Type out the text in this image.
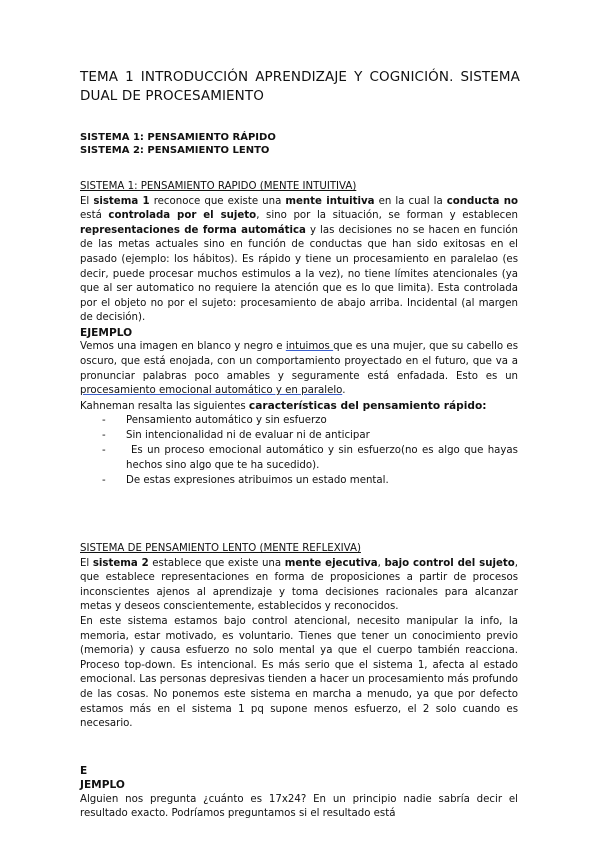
TEMA 1 INTRODUCCIÓN APRENDIZAJE Y COGNICIÓN. SISTEMA DUAL DE PROCESAMIENTO

SISTEMA 1: PENSAMIENTO RÁPIDO

SISTEMA 2: PENSAMIENTO LENTO

SISTEMA 1: PENSAMIENTO RAPIDO (MENTE INTUITIVA)

El sistema 1 reconoce que existe una mente intuitiva en la cual la conducta no está controlada por el sujeto, sino por la situación, se forman y establecen representaciones de forma automática y las decisiones no se hacen en función de las metas actuales sino en función de conductas que han sido exitosas en el pasado (ejemplo: los hábitos). Es rápido y tiene un procesamiento en paralelao (es decir, puede procesar muchos estimulos a la vez), no tiene límites atencionales (ya que al ser automatico no requiere la atención que es lo que limita). Esta controlada por el objeto no por el sujeto: procesamiento de abajo arriba. Incidental (al margen de decisión).

EJEMPLO

Vemos una imagen en blanco y negro e intuimos que es una mujer, que su cabello es oscuro, que está enojada, con un comportamiento proyectado en el futuro, que va a pronunciar palabras poco amables y seguramente está enfadada. Esto es un procesamiento emocional automático y en paralelo.

Kahneman resalta las siguientes características del pensamiento rápido:

- Pensamiento automático y sin esfuerzo
- Sin intencionalidad ni de evaluar ni de anticipar
- Es un proceso emocional automático y sin esfuerzo(no es algo que hayas hechos sino algo que te ha sucedido).
- De estas expresiones atribuimos un estado mental.

SISTEMA DE PENSAMIENTO LENTO (MENTE REFLEXIVA)

El sistema 2 establece que existe una mente ejecutiva, bajo control del sujeto, que establece representaciones en forma de proposiciones a partir de procesos inconscientes ajenos al aprendizaje y toma decisiones racionales para alcanzar metas y deseos conscientemente, establecidos y reconocidos.

En este sistema estamos bajo control atencional, necesito manipular la info, la memoria, estar motivado, es voluntario. Tienes que tener un conocimiento previo (memoria) y causa esfuerzo no solo mental ya que el cuerpo también reacciona. Proceso top-down. Es intencional. Es más serio que el sistema 1, afecta al estado emocional. Las personas depresivas tienden a hacer un procesamiento más profundo de las cosas. No ponemos este sistema en marcha a menudo, ya que por defecto estamos más en el sistema 1 pq supone menos esfuerzo, el 2 solo cuando es necesario.

E

JEMPLO

Alguien nos pregunta ¿cuánto es 17x24? En un principio nadie sabría decir el resultado exacto. Podríamos preguntamos si el resultado está
